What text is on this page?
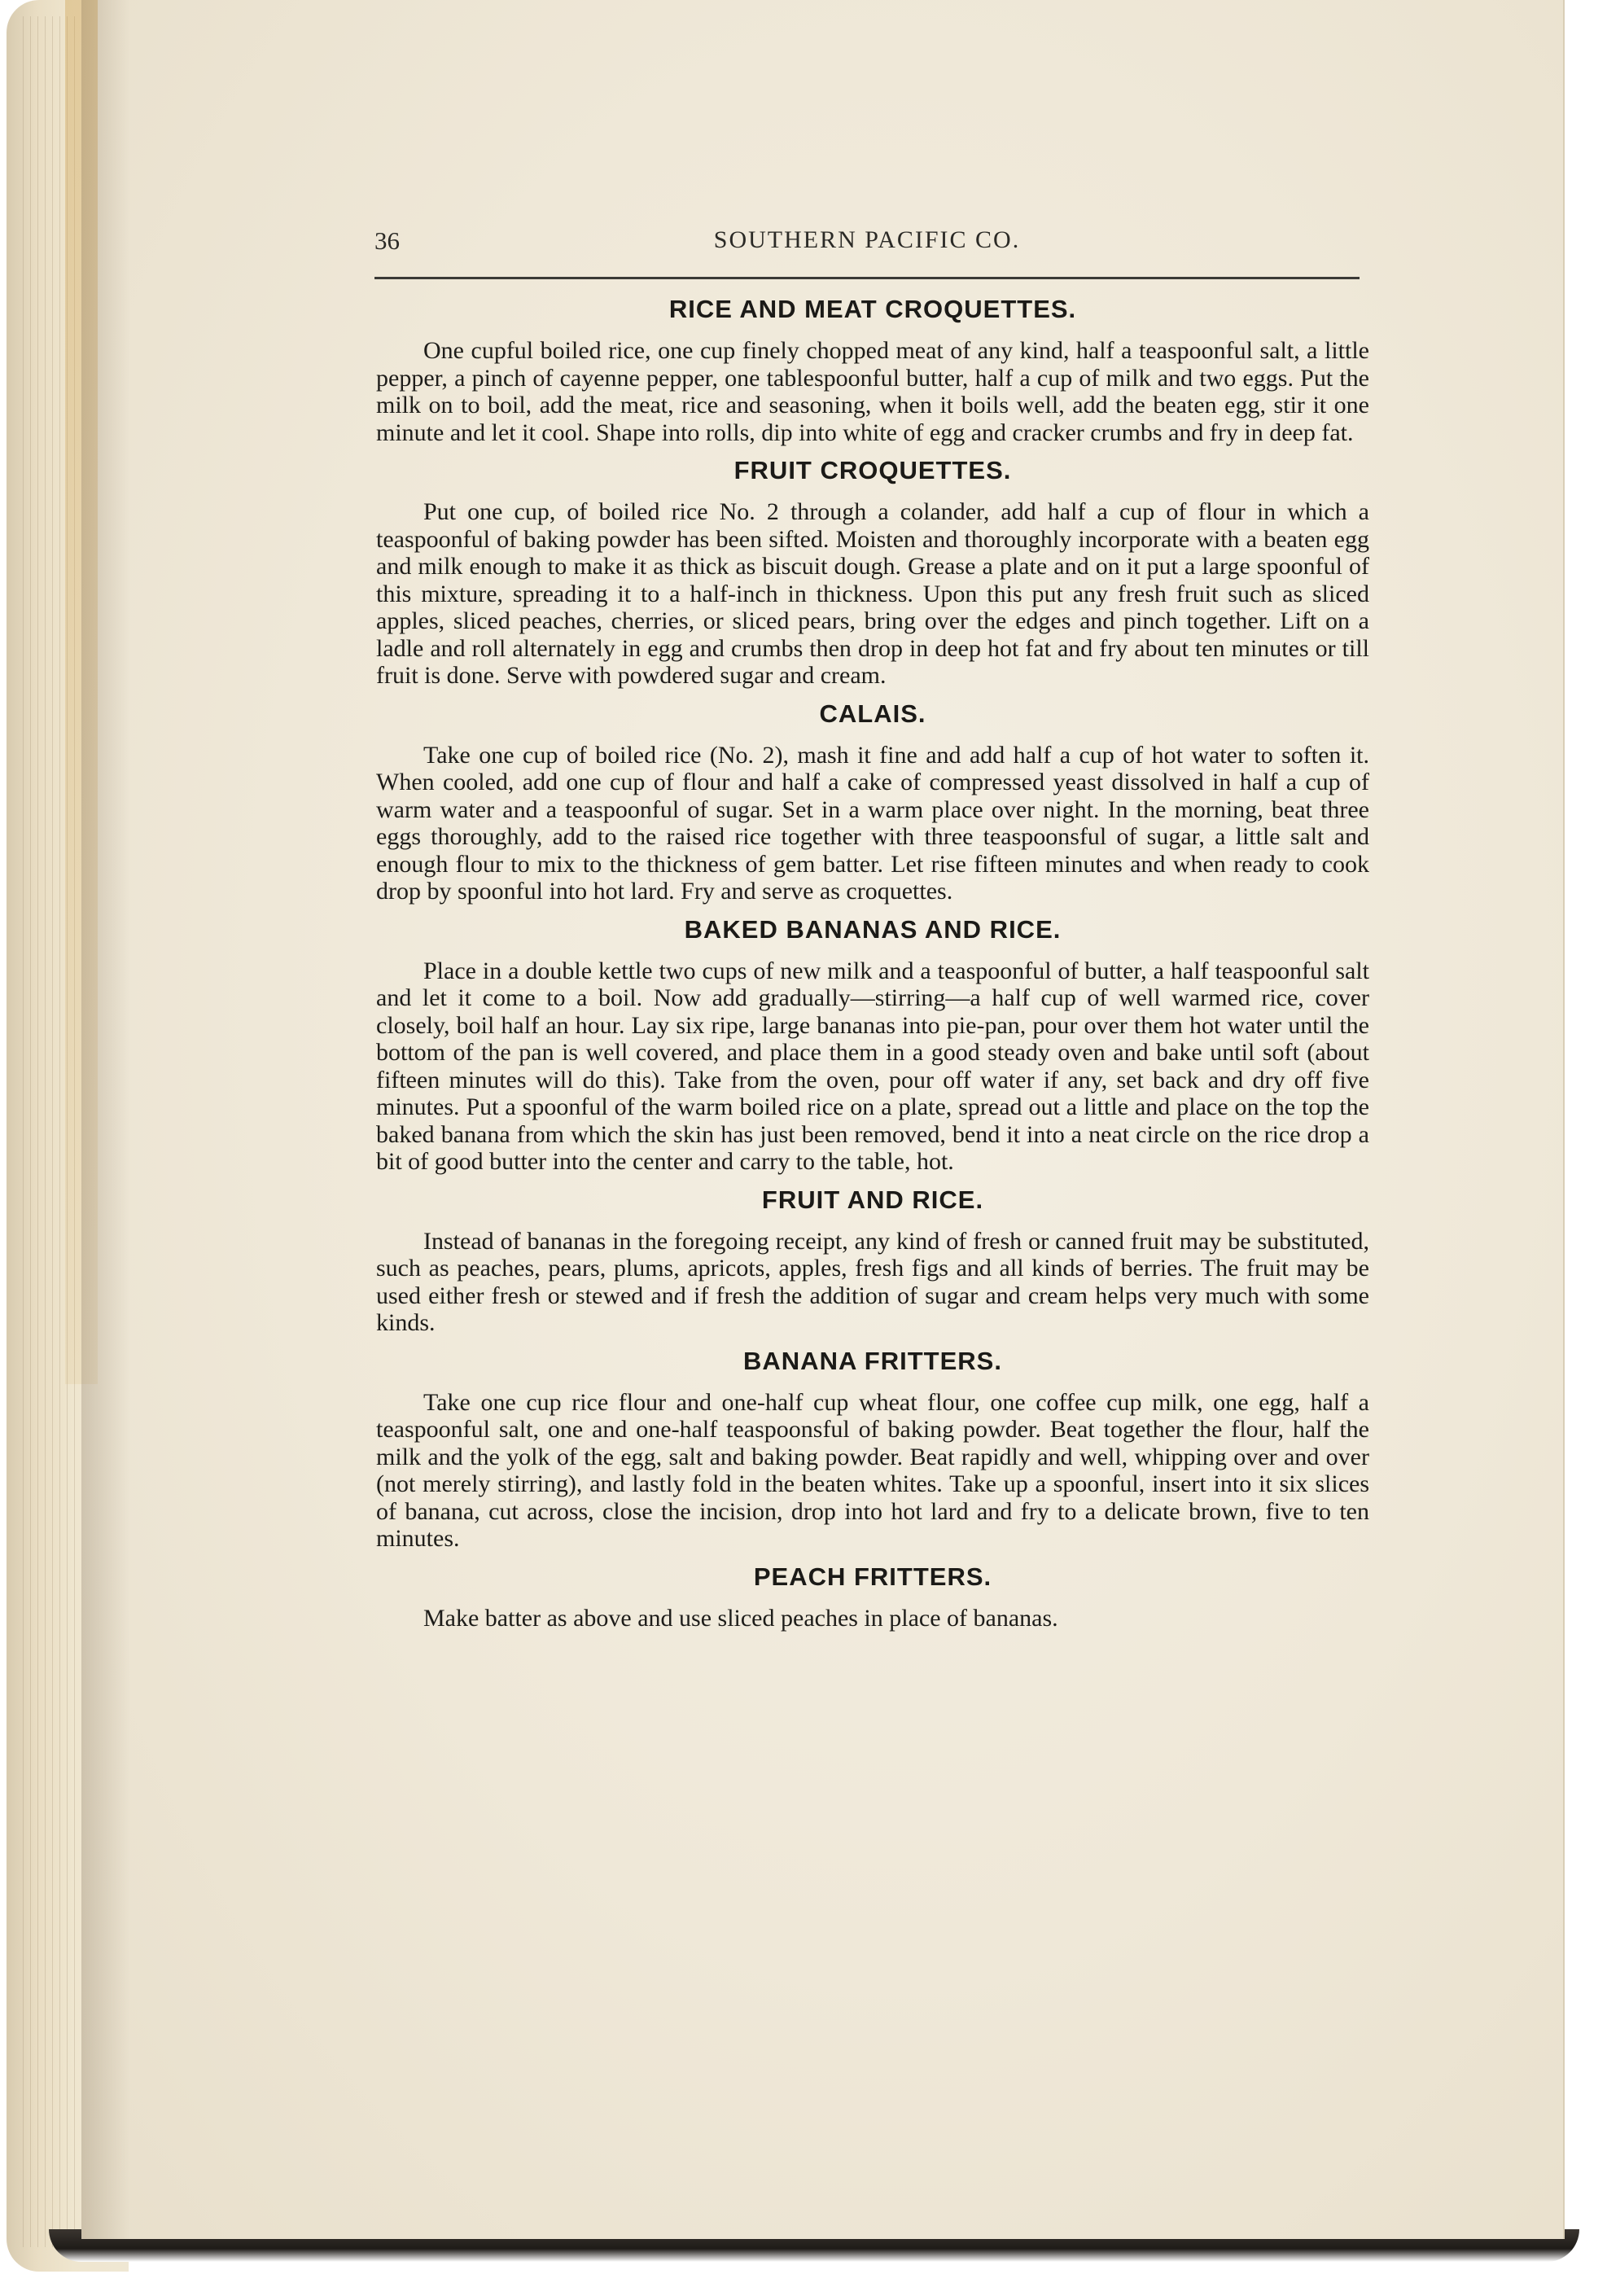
36	SOUTHERN PACIFIC CO.
RICE AND MEAT CROQUETTES.

One cupful boiled rice, one cup finely chopped meat of any kind, half a teaspoonful salt, a little pepper, a pinch of cayenne pepper, one tablespoonful butter, half a cup of milk and two eggs. Put the milk on to boil, add the meat, rice and seasoning, when it boils well, add the beaten egg, stir it one minute and let it cool. Shape into rolls, dip into white of egg and cracker crumbs and fry in deep fat.

FRUIT CROQUETTES.

Put one cup, of boiled rice No. 2 through a colander, add half a cup of flour in which a teaspoonful of baking powder has been sifted. Moisten and thoroughly incorporate with a beaten egg and milk enough to make it as thick as biscuit dough. Grease a plate and on it put a large spoonful of this mixture, spreading it to a half-inch in thickness. Upon this put any fresh fruit such as sliced apples, sliced peaches, cherries, or sliced pears, bring over the edges and pinch together. Lift on a ladle and roll alternately in egg and crumbs then drop in deep hot fat and fry about ten minutes or till fruit is done. Serve with powdered sugar and cream.

CALAIS.

Take one cup of boiled rice (No. 2), mash it fine and add half a cup of hot water to soften it. When cooled, add one cup of flour and half a cake of compressed yeast dissolved in half a cup of warm water and a teaspoonful of sugar. Set in a warm place over night. In the morning, beat three eggs thoroughly, add to the raised rice together with three teaspoonsful of sugar, a little salt and enough flour to mix to the thickness of gem batter. Let rise fifteen minutes and when ready to cook drop by spoonful into hot lard. Fry and serve as croquettes.

BAKED BANANAS AND RICE.

Place in a double kettle two cups of new milk and a teaspoonful of butter, a half teaspoonful salt and let it come to a boil. Now add gradually—stirring—a half cup of well warmed rice, cover closely, boil half an hour. Lay six ripe, large bananas into pie-pan, pour over them hot water until the bottom of the pan is well covered, and place them in a good steady oven and bake until soft (about fifteen minutes will do this). Take from the oven, pour off water if any, set back and dry off five minutes. Put a spoonful of the warm boiled rice on a plate, spread out a little and place on the top the baked banana from which the skin has just been removed, bend it into a neat circle on the rice drop a bit of good butter into the center and carry to the table, hot.

FRUIT AND RICE.

Instead of bananas in the foregoing receipt, any kind of fresh or canned fruit may be substituted, such as peaches, pears, plums, apricots, apples, fresh figs and all kinds of berries. The fruit may be used either fresh or stewed and if fresh the addition of sugar and cream helps very much with some kinds.

BANANA FRITTERS.

Take one cup rice flour and one-half cup wheat flour, one coffee cup milk, one egg, half a teaspoonful salt, one and one-half teaspoonsful of baking powder. Beat together the flour, half the milk and the yolk of the egg, salt and baking powder. Beat rapidly and well, whipping over and over (not merely stirring), and lastly fold in the beaten whites. Take up a spoonful, insert into it six slices of banana, cut across, close the incision, drop into hot lard and fry to a delicate brown, five to ten minutes.

PEACH FRITTERS.

Make batter as above and use sliced peaches in place of bananas.
